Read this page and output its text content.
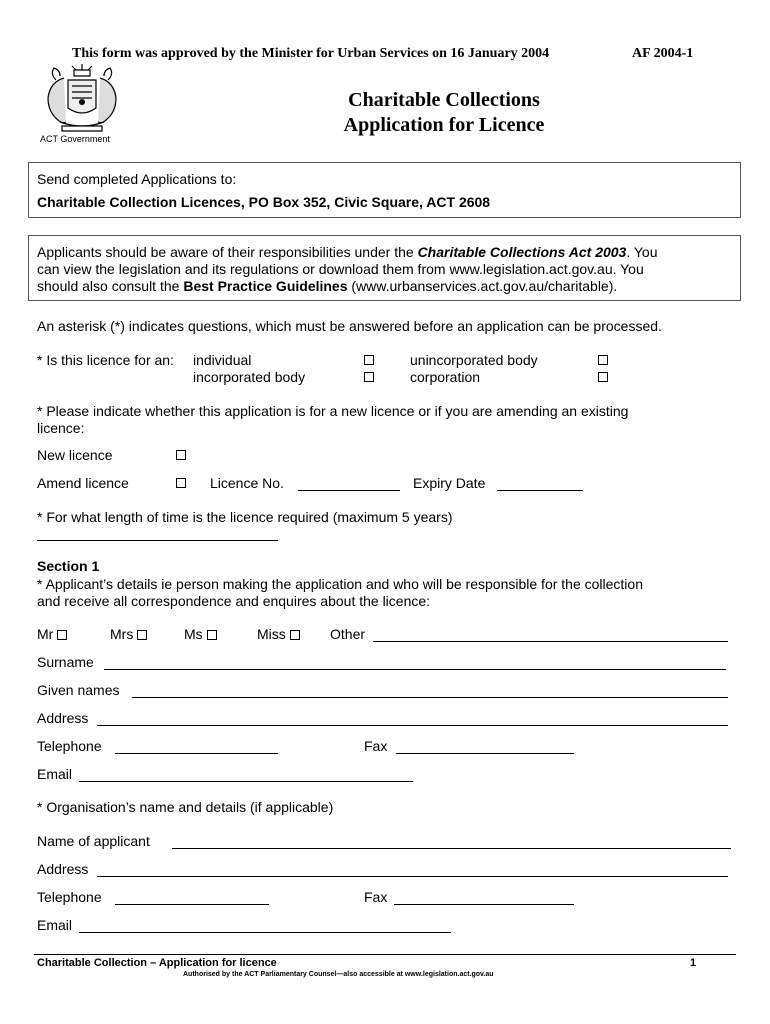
This form was approved by the Minister for Urban Services on 16 January 2004	AF 2004-1
ACT Government
Charitable Collections
Application for Licence
Send completed Applications to:
Charitable Collection Licences, PO Box 352, Civic Square, ACT 2608
Applicants should be aware of their responsibilities under the Charitable Collections Act 2003. You
can view the legislation and its regulations or download them from www.legislation.act.gov.au. You
should also consult the Best Practice Guidelines (www.urbanservices.act.gov.au/charitable).
An asterisk (*) indicates questions, which must be answered before an application can be processed.
* Is this licence for an: individual	unincorporated body
incorporated body	corporation
* Please indicate whether this application is for a new licence or if you are amending an existing
licence:
New licence
Amend licence	Licence No.	Expiry Date
* For what length of time is the licence required (maximum 5 years)
Section 1
* Applicant’s details ie person making the application and who will be responsible for the collection
and receive all correspondence and enquires about the licence:
Mr	Mrs	Ms	Miss	Other
Surname
Given names
Address
Telephone	Fax
Email
* Organisation’s name and details (if applicable)
Name of applicant
Address
Telephone	Fax
Email
Charitable Collection – Application for licence	1
Authorised by the ACT Parliamentary Counsel—also accessible at www.legislation.act.gov.au
